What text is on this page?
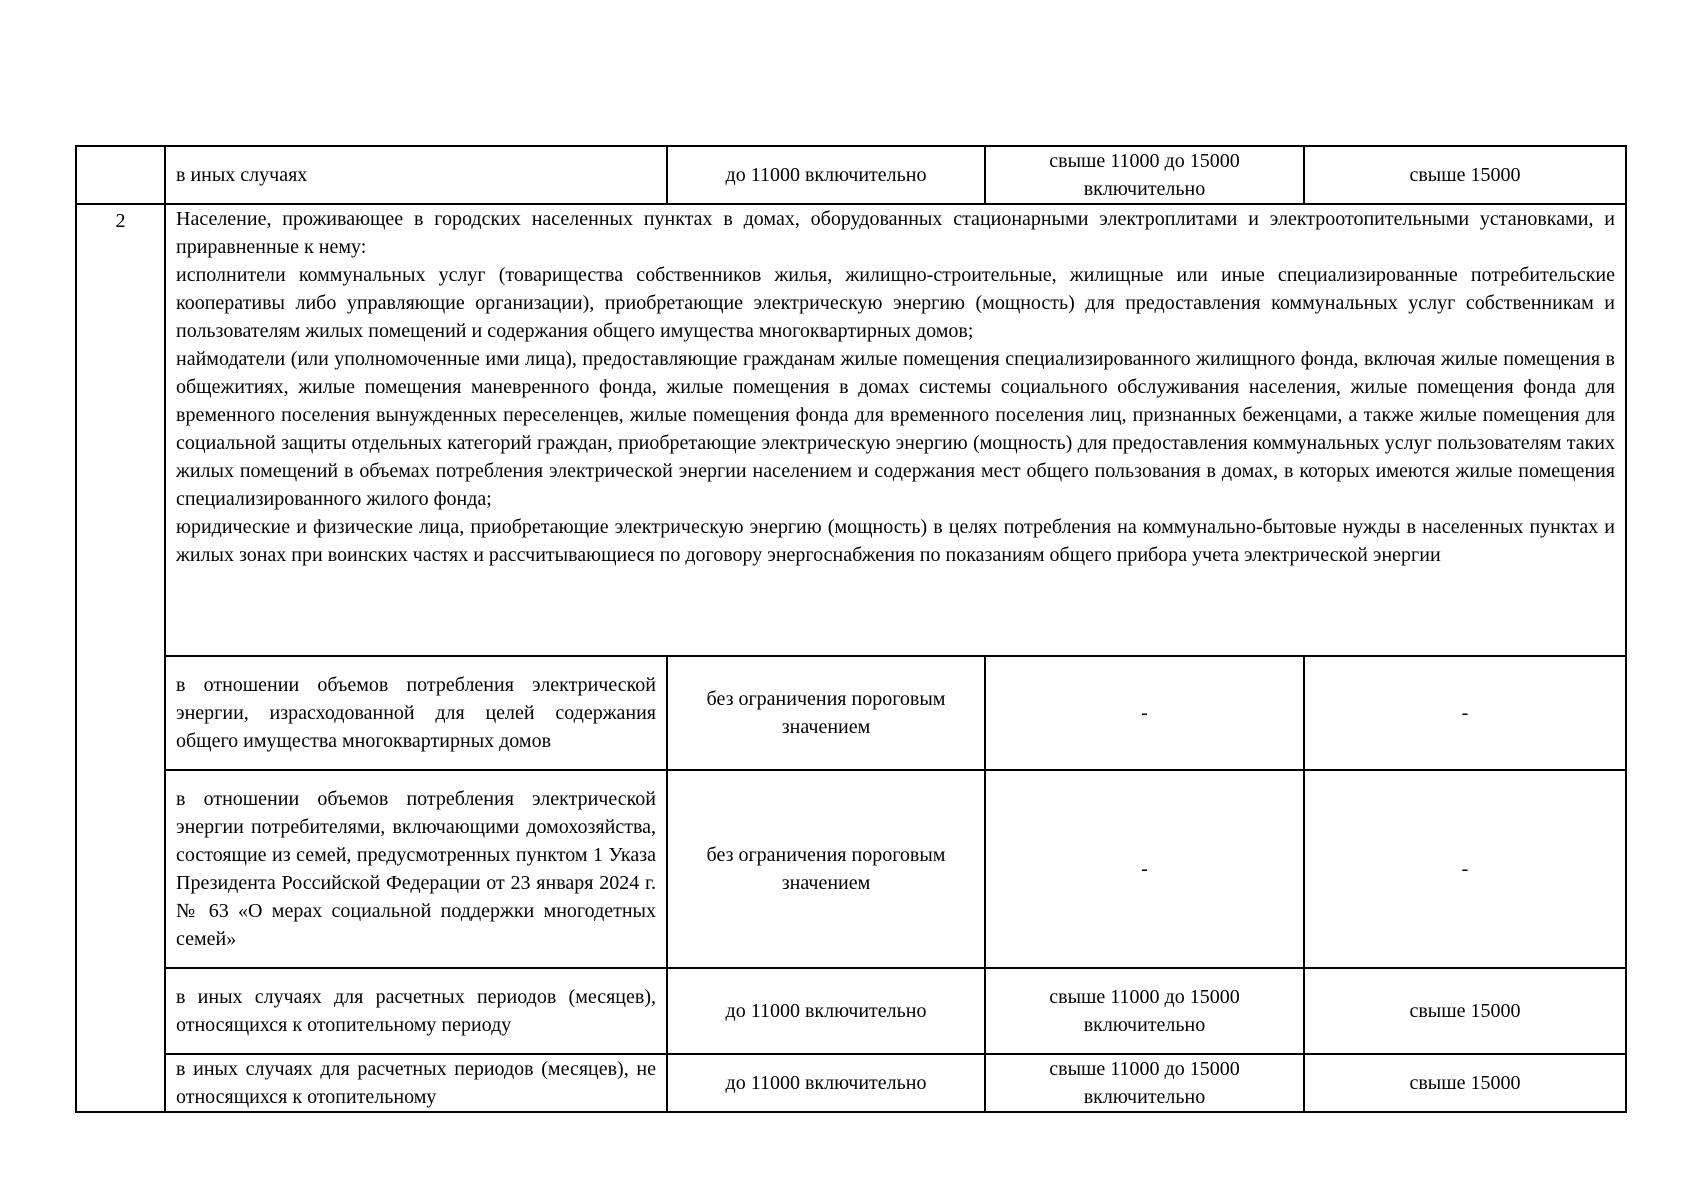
	в иных случаях	до 11000 включительно	свыше 11000 до 15000 включительно	свыше 15000
2	Население, проживающее в городских населенных пунктах в домах, оборудованных стационарными электроплитами и электроотопительными установками, и приравненные к нему:

исполнители коммунальных услуг (товарищества собственников жилья, жилищно-строительные, жилищные или иные специализированные потребительские кооперативы либо управляющие организации), приобретающие электрическую энергию (мощность) для предоставления коммунальных услуг собственникам и пользователям жилых помещений и содержания общего имущества многоквартирных домов;

наймодатели (или уполномоченные ими лица), предоставляющие гражданам жилые помещения специализированного жилищного фонда, включая жилые помещения в общежитиях, жилые помещения маневренного фонда, жилые помещения в домах системы социального обслуживания населения, жилые помещения фонда для временного поселения вынужденных переселенцев, жилые помещения фонда для временного поселения лиц, признанных беженцами, а также жилые помещения для социальной защиты отдельных категорий граждан, приобретающие электрическую энергию (мощность) для предоставления коммунальных услуг пользователям таких жилых помещений в объемах потребления электрической энергии населением и содержания мест общего пользования в домах, в которых имеются жилые помещения специализированного жилого фонда;

юридические и физические лица, приобретающие электрическую энергию (мощность) в целях потребления на коммунально-бытовые нужды в населенных пунктах и жилых зонах при воинских частях и рассчитывающиеся по договору энергоснабжения по показаниям общего прибора учета электрической энергии			

	в отношении объемов потребления электрической энергии, израсходованной для целей содержания общего имущества многоквартирных домов	без ограничения пороговым значением	-	-
	в отношении объемов потребления электрической энергии потребителями, включающими домохозяйства, состоящие из семей, предусмотренных пунктом 1 Указа Президента Российской Федерации от 23 января 2024 г. № 63 «О мерах социальной поддержки многодетных семей»	без ограничения пороговым значением	-	-
	в иных случаях для расчетных периодов (месяцев), относящихся к отопительному периоду	до 11000 включительно	свыше 11000 до 15000 включительно	свыше 15000

	в иных случаях для расчетных периодов (месяцев), не относящихся к отопительному	до 11000 включительно	свыше 11000 до 15000 включительно	свыше 15000
